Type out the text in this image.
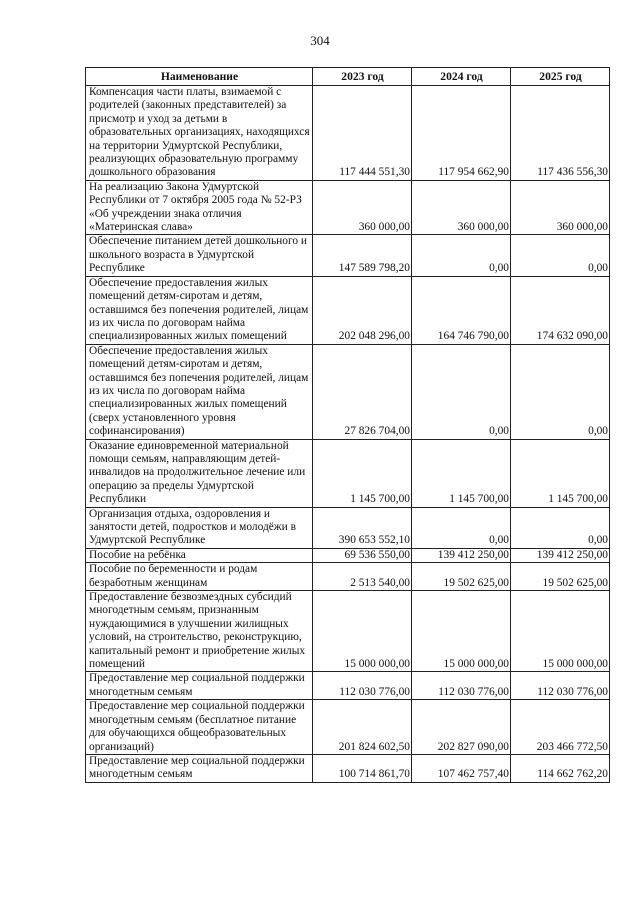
304
Наименование	2023 год	2024 год	2025 год
Компенсация части платы, взимаемой с родителей (законных представителей) за присмотр и уход за детьми в образовательных организациях, находящихся на территории Удмуртской Республики, реализующих образовательную программу дошкольного образования	117 444 551,30	117 954 662,90	117 436 556,30
На реализацию Закона Удмуртской Республики от 7 октября 2005 года № 52-РЗ «Об учреждении знака отличия «Материнская слава»	360 000,00	360 000,00	360 000,00
Обеспечение питанием детей дошкольного и школьного возраста в Удмуртской Республике	147 589 798,20	0,00	0,00
Обеспечение предоставления жилых помещений детям-сиротам и детям, оставшимся без попечения родителей, лицам из их числа по договорам найма специализированных жилых помещений	202 048 296,00	164 746 790,00	174 632 090,00
Обеспечение предоставления жилых помещений детям-сиротам и детям, оставшимся без попечения родителей, лицам из их числа по договорам найма специализированных жилых помещений (сверх установленного уровня софинансирования)	27 826 704,00	0,00	0,00
Оказание единовременной материальной помощи семьям, направляющим детей-инвалидов на продолжительное лечение или операцию за пределы Удмуртской Республики	1 145 700,00	1 145 700,00	1 145 700,00
Организация отдыха, оздоровления и занятости детей, подростков и молодёжи в Удмуртской Республике	390 653 552,10	0,00	0,00
Пособие на ребёнка	69 536 550,00	139 412 250,00	139 412 250,00
Пособие по беременности и родам безработным женщинам	2 513 540,00	19 502 625,00	19 502 625,00
Предоставление безвозмездных субсидий многодетным семьям, признанным нуждающимися в улучшении жилищных условий, на строительство, реконструкцию, капитальный ремонт и приобретение жилых помещений	15 000 000,00	15 000 000,00	15 000 000,00
Предоставление мер социальной поддержки многодетным семьям	112 030 776,00	112 030 776,00	112 030 776,00
Предоставление мер социальной поддержки многодетным семьям (бесплатное питание для обучающихся общеобразовательных организаций)	201 824 602,50	202 827 090,00	203 466 772,50
Предоставление мер социальной поддержки многодетным семьям	100 714 861,70	107 462 757,40	114 662 762,20
